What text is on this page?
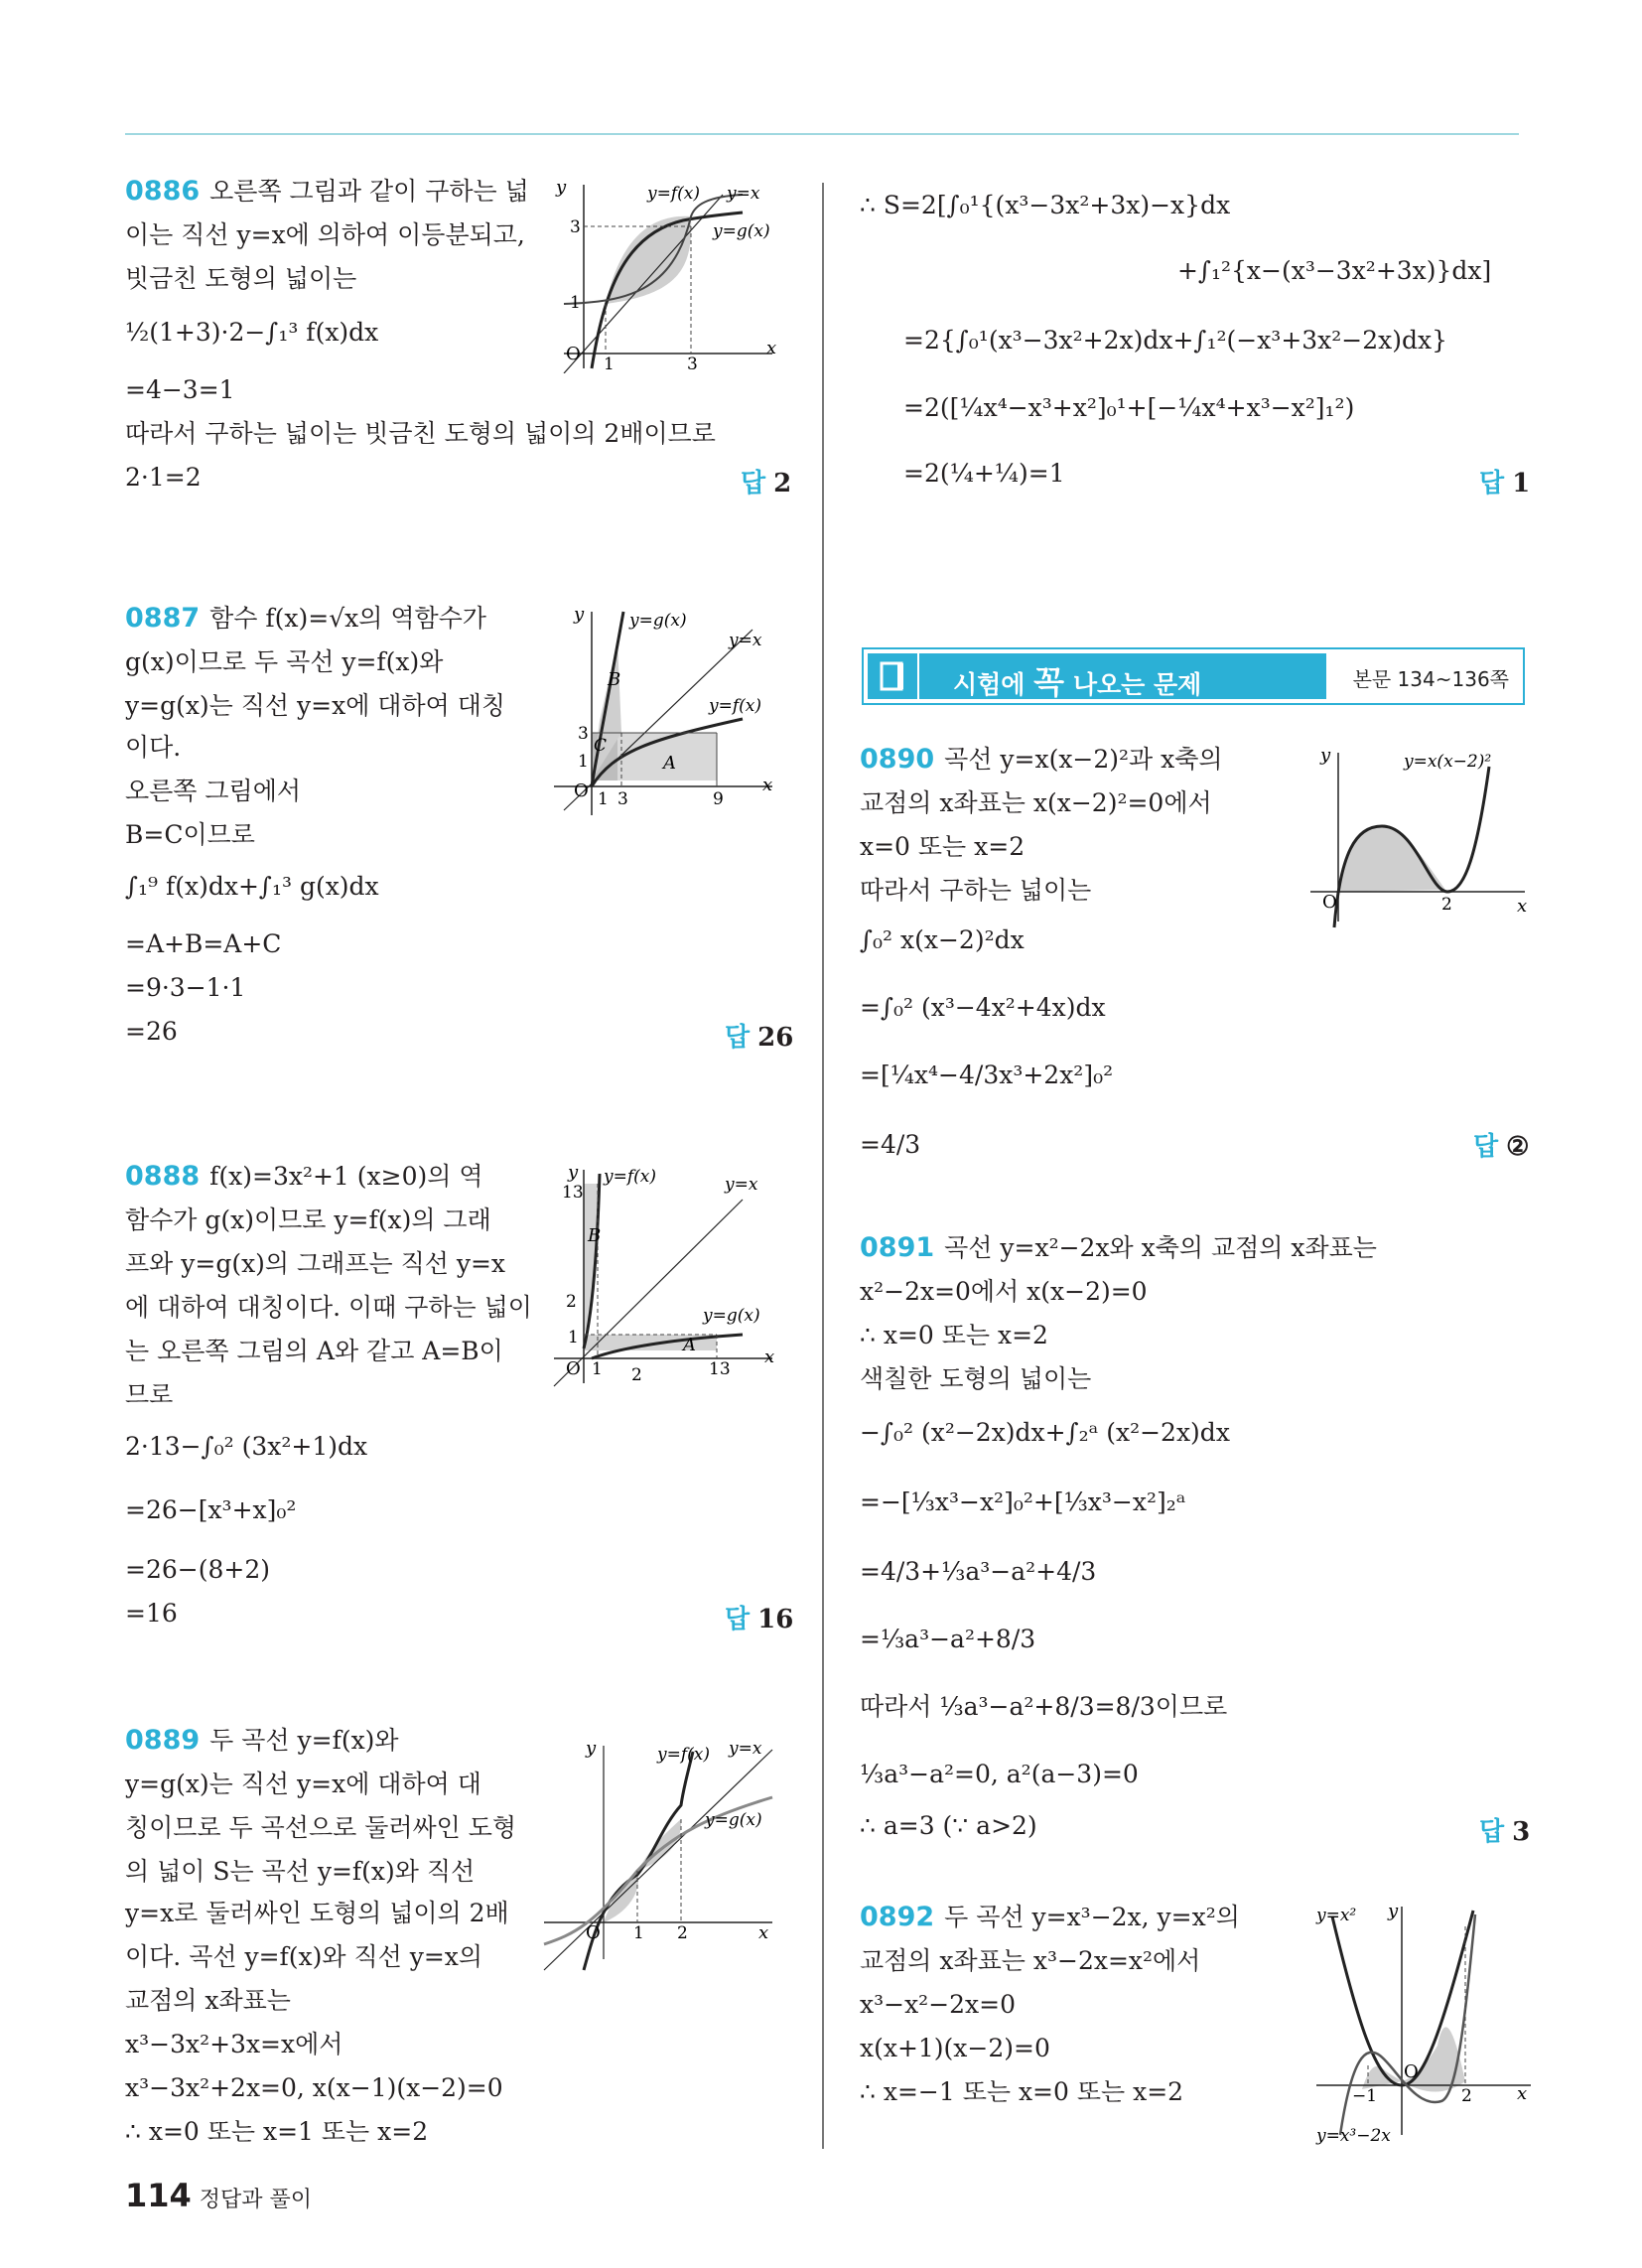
0886 오른쪽 그림과 같이 구하는 넓
이는 직선 y=x에 의하여 이등분되고,
빗금친 도형의 넓이는
½(1+3)·2−∫₁³ f(x)dx
=4−3=1
따라서 구하는 넓이는 빗금친 도형의 넓이의 2배이므로
2·1=2	답 2
y
x
O
3
1
1	3
y=f(x) y=x
y=g(x)
0887 함수 f(x)=√x의 역함수가
g(x)이므로 두 곡선 y=f(x)와
y=g(x)는 직선 y=x에 대하여 대칭
이다.
오른쪽 그림에서
B=C이므로
∫₁⁹ f(x)dx+∫₁³ g(x)dx
=A+B=A+C
=9·3−1·1
=26	답 26
y
x
O
3
1
1 3	9
y=g(x)
y=x
y=f(x)
A
B
C
0888 f(x)=3x²+1 (x≥0)의 역
함수가 g(x)이므로 y=f(x)의 그래
프와 y=g(x)의 그래프는 직선 y=x
에 대하여 대칭이다. 이때 구하는 넓이
는 오른쪽 그림의 A와 같고 A=B이
므로
2·13−∫₀² (3x²+1)dx
=26−[x³+x]₀²
=26−(8+2)
=16	답 16
y
x
O
13
2
1
1 2	13
y=f(x)	y=x
y=g(x)
A
B
0889 두 곡선 y=f(x)와
y=g(x)는 직선 y=x에 대하여 대
칭이므로 두 곡선으로 둘러싸인 도형
의 넓이 S는 곡선 y=f(x)와 직선
y=x로 둘러싸인 도형의 넓이의 2배
이다. 곡선 y=f(x)와 직선 y=x의
교점의 x좌표는
x³−3x²+3x=x에서
x³−3x²+2x=0, x(x−1)(x−2)=0
∴ x=0 또는 x=1 또는 x=2
y
x
O 1 2
y=f(x) y=x
y=g(x)
∴ S=2[∫₀¹{(x³−3x²+3x)−x}dx
+∫₁²{x−(x³−3x²+3x)}dx]
=2{∫₀¹(x³−3x²+2x)dx+∫₁²(−x³+3x²−2x)dx}
=2([¼x⁴−x³+x²]₀¹+[−¼x⁴+x³−x²]₁²)
=2(¼+¼)=1	답 1
시험에 꼭 나오는 문제	본문 134~136쪽
0890 곡선 y=x(x−2)²과 x축의
교점의 x좌표는 x(x−2)²=0에서
x=0 또는 x=2
따라서 구하는 넓이는
∫₀² x(x−2)²dx
=∫₀² (x³−4x²+4x)dx
=[¼x⁴−4/3x³+2x²]₀²
=4/3	답 ②
y
x
O	2
y=x(x−2)²
0891 곡선 y=x²−2x와 x축의 교점의 x좌표는
x²−2x=0에서 x(x−2)=0
∴ x=0 또는 x=2
색칠한 도형의 넓이는
−∫₀² (x²−2x)dx+∫₂ᵃ (x²−2x)dx
=−[⅓x³−x²]₀²+[⅓x³−x²]₂ᵃ
=4/3+⅓a³−a²+4/3
=⅓a³−a²+8/3
따라서 ⅓a³−a²+8/3=8/3이므로
⅓a³−a²=0, a²(a−3)=0
∴ a=3 (∵ a>2)	답 3
0892 두 곡선 y=x³−2x, y=x²의
교점의 x좌표는 x³−2x=x²에서
x³−x²−2x=0
x(x+1)(x−2)=0
∴ x=−1 또는 x=0 또는 x=2
y
x
O
−1	2
y=x²
y=x³−2x
114 정답과 풀이
